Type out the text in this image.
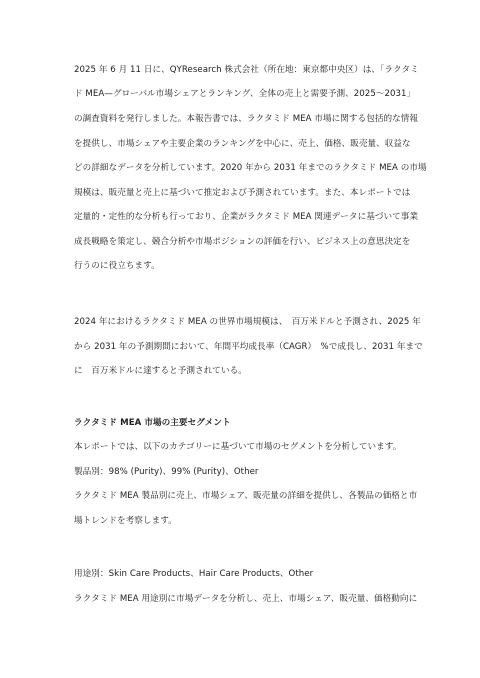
2025 年 6 月 11 日に、QYResearch 株式会社（所在地：東京都中央区）は、「ラクタミ
ド MEA—グローバル市場シェアとランキング、全体の売上と需要予測、2025～2031」
の調査資料を発行しました。本報告書では、ラクタミド MEA 市場に関する包括的な情報
を提供し、市場シェアや主要企業のランキングを中心に、売上、価格、販売量、収益な
どの詳細なデータを分析しています。2020 年から 2031 年までのラクタミド MEA の市場
規模は、販売量と売上に基づいて推定および予測されています。また、本レポートでは
定量的・定性的な分析も行っており、企業がラクタミド MEA 関連データに基づいて事業
成長戦略を策定し、競合分析や市場ポジションの評価を行い、ビジネス上の意思決定を
行うのに役立ちます。
2024 年におけるラクタミド MEA の世界市場規模は、　百万米ドルと予測され、2025 年
から 2031 年の予測期間において、年間平均成長率（CAGR）　%で成長し、2031 年まで
に　百万米ドルに達すると予測されている。
ラクタミド MEA 市場の主要セグメント
本レポートでは、以下のカテゴリーに基づいて市場のセグメントを分析しています。
製品別：98% (Purity)、99% (Purity)、Other
ラクタミド MEA 製品別に売上、市場シェア、販売量の詳細を提供し、各製品の価格と市
場トレンドを考察します。
用途別：Skin Care Products、Hair Care Products、Other
ラクタミド MEA 用途別に市場データを分析し、売上、市場シェア、販売量、価格動向に
